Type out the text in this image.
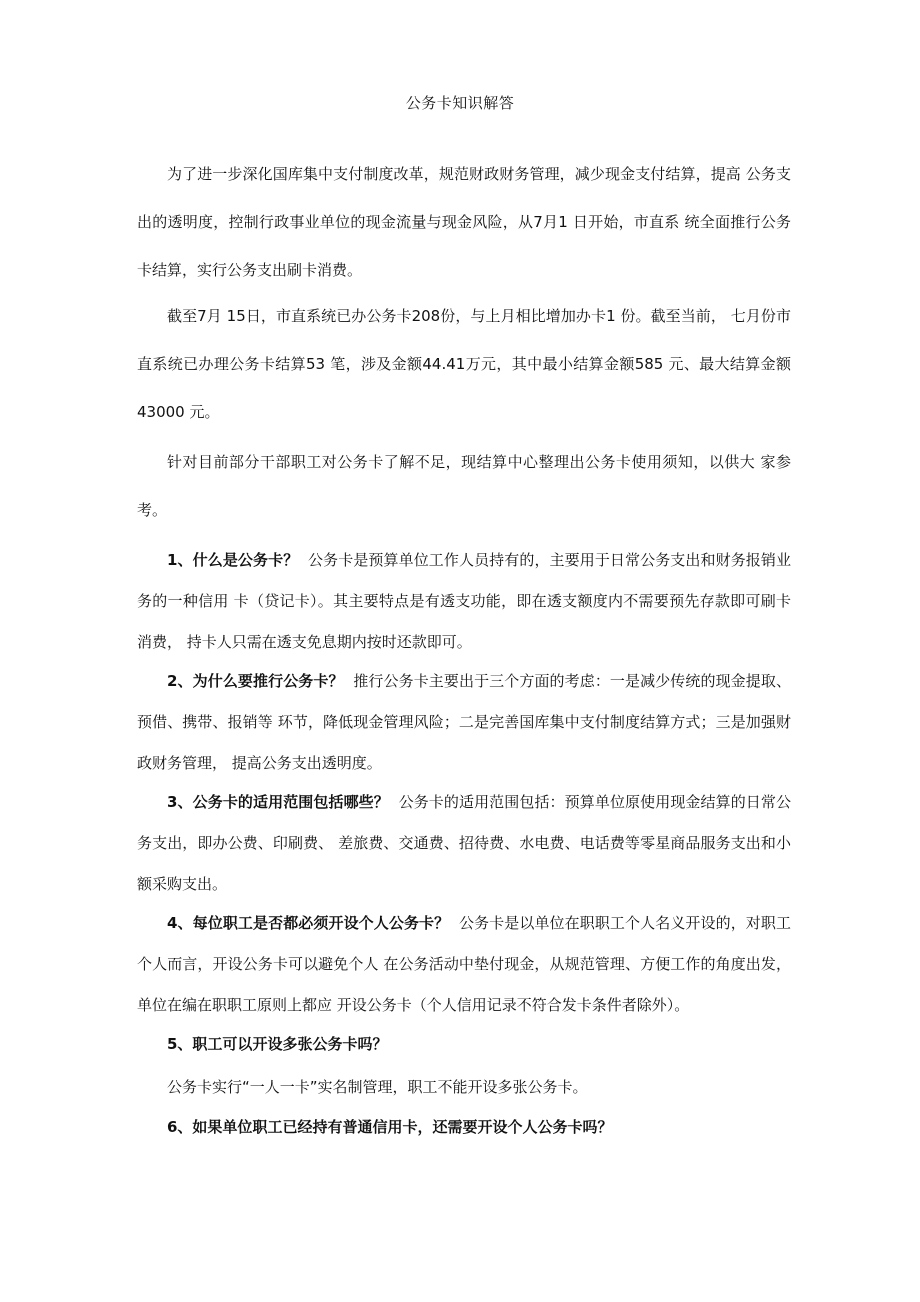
公务卡知识解答

为了进一步深化国库集中支付制度改革，规范财政财务管理，减少现金支付结算，提高 公务支出的透明度，控制行政事业单位的现金流量与现金风险，从7月1 日开始，市直系 统全面推行公务卡结算，实行公务支出刷卡消费。

截至7月 15日，市直系统已办公务卡208份，与上月相比增加办卡1 份。截至当前， 七月份市直系统已办理公务卡结算53 笔，涉及金额44.41万元，其中最小结算金额585 元、最大结算金额43000 元。

针对目前部分干部职工对公务卡了解不足，现结算中心整理出公务卡使用须知，以供大 家参考。

1、什么是公务卡？ 公务卡是预算单位工作人员持有的，主要用于日常公务支出和财务报销业务的一种信用 卡（贷记卡）。其主要特点是有透支功能，即在透支额度内不需要预先存款即可刷卡消费， 持卡人只需在透支免息期内按时还款即可。

2、为什么要推行公务卡？ 推行公务卡主要出于三个方面的考虑：一是减少传统的现金提取、预借、携带、报销等 环节，降低现金管理风险；二是完善国库集中支付制度结算方式；三是加强财政财务管理， 提高公务支出透明度。

3、公务卡的适用范围包括哪些？ 公务卡的适用范围包括：预算单位原使用现金结算的日常公务支出，即办公费、印刷费、 差旅费、交通费、招待费、水电费、电话费等零星商品服务支出和小额采购支出。

4、每位职工是否都必须开设个人公务卡？ 公务卡是以单位在职职工个人名义开设的，对职工个人而言，开设公务卡可以避免个人 在公务活动中垫付现金，从规范管理、方便工作的角度出发，单位在编在职职工原则上都应 开设公务卡（个人信用记录不符合发卡条件者除外）。

5、职工可以开设多张公务卡吗？

公务卡实行“一人一卡”实名制管理，职工不能开设多张公务卡。

6、如果单位职工已经持有普通信用卡，还需要开设个人公务卡吗？
